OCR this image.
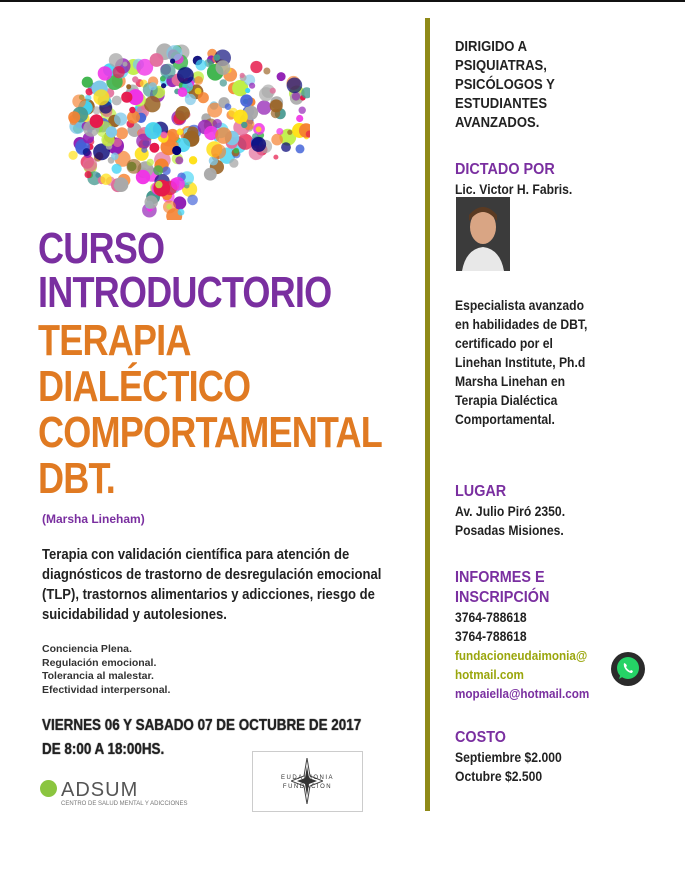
CURSO
INTRODUCTORIO
TERAPIA
DIALÉCTICO
COMPORTAMENTAL
DBT.
(Marsha Lineham)
Terapia con validación científica para atención de diagnósticos de trastorno de desregulación emocional (TLP), trastornos alimentarios y adicciones, riesgo de suicidabilidad y autolesiones.
Conciencia Plena.
Regulación emocional.
Tolerancia al malestar.
Efectividad interpersonal.
VIERNES 06 Y SABADO 07 DE OCTUBRE DE 2017
DE 8:00 A 18:00HS.
ADSUM
CENTRO DE SALUD MENTAL Y ADICCIONES
EUDAIMONIA
FUNDACION
DIRIGIDO A PSIQUIATRAS, PSICÓLOGOS Y ESTUDIANTES AVANZADOS.
DICTADO POR
Lic. Victor H. Fabris.
Especialista avanzado en habilidades de DBT, certificado por el Linehan Institute, Ph.d Marsha Linehan en Terapia Dialéctica Comportamental.
LUGAR
Av. Julio Piró 2350.
Posadas Misiones.
INFORMES E
INSCRIPCIÓN
3764-788618
3764-788618
fundacioneudaimonia@
hotmail.com
mopaiella@hotmail.com
COSTO
Septiembre $2.000
Octubre $2.500
